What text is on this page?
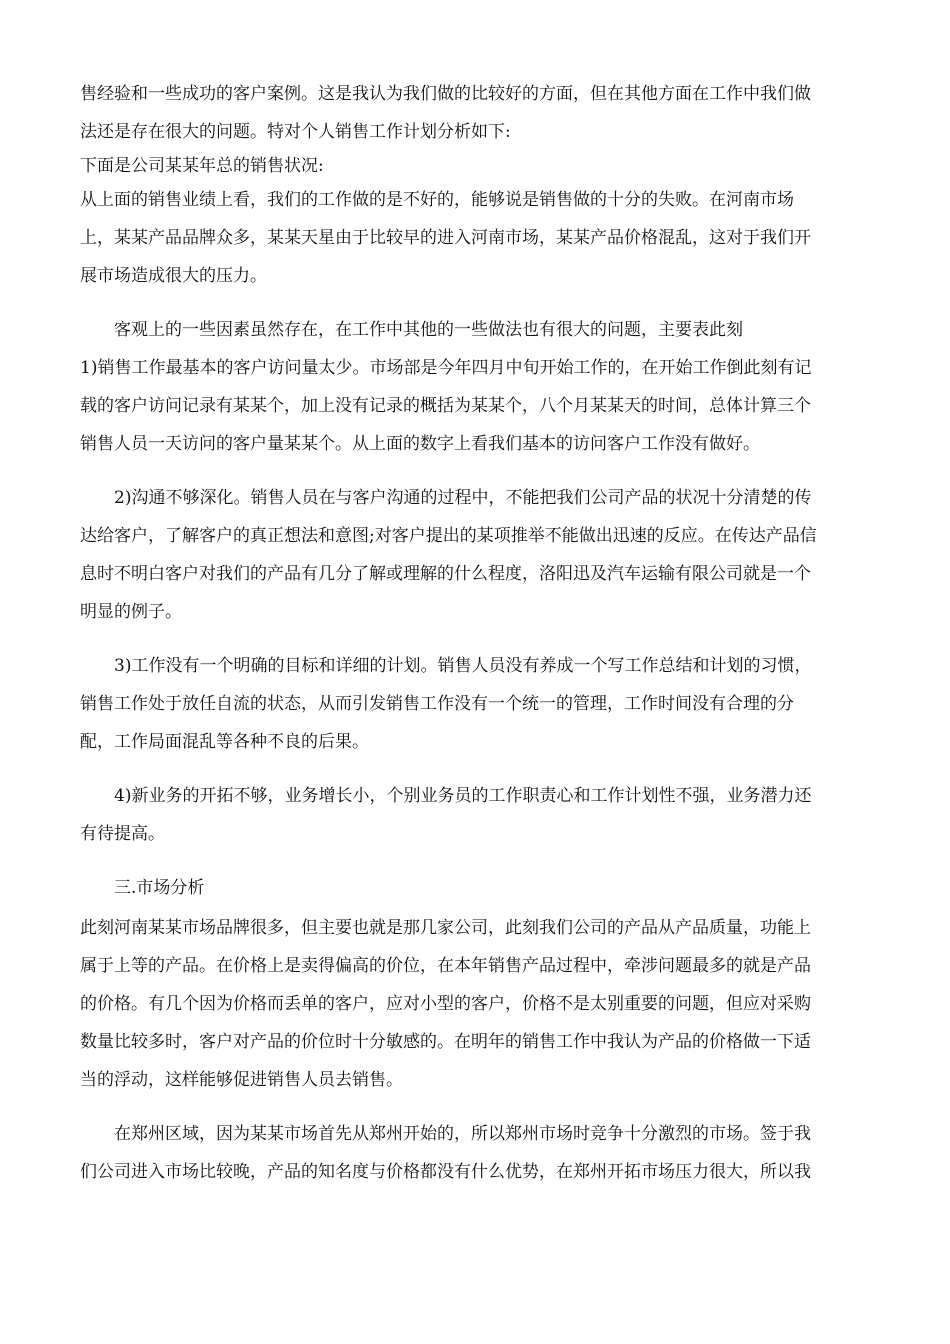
售经验和一些成功的客户案例。这是我认为我们做的比较好的方面，但在其他方面在工作中我们做
法还是存在很大的问题。特对个人销售工作计划分析如下:
下面是公司某某年总的销售状况:
从上面的销售业绩上看，我们的工作做的是不好的，能够说是销售做的十分的失败。在河南市场
上，某某产品品牌众多，某某天星由于比较早的进入河南市场，某某产品价格混乱，这对于我们开
展市场造成很大的压力。
客观上的一些因素虽然存在，在工作中其他的一些做法也有很大的问题，主要表此刻
1)销售工作最基本的客户访问量太少。市场部是今年四月中旬开始工作的，在开始工作倒此刻有记
载的客户访问记录有某某个，加上没有记录的概括为某某个，八个月某某天的时间，总体计算三个
销售人员一天访问的客户量某某个。从上面的数字上看我们基本的访问客户工作没有做好。
2)沟通不够深化。销售人员在与客户沟通的过程中，不能把我们公司产品的状况十分清楚的传
达给客户，了解客户的真正想法和意图;对客户提出的某项推举不能做出迅速的反应。在传达产品信
息时不明白客户对我们的产品有几分了解或理解的什么程度，洛阳迅及汽车运输有限公司就是一个
明显的例子。
3)工作没有一个明确的目标和详细的计划。销售人员没有养成一个写工作总结和计划的习惯，
销售工作处于放任自流的状态，从而引发销售工作没有一个统一的管理，工作时间没有合理的分
配，工作局面混乱等各种不良的后果。
4)新业务的开拓不够，业务增长小，个别业务员的工作职责心和工作计划性不强，业务潜力还
有待提高。
三.市场分析
此刻河南某某市场品牌很多，但主要也就是那几家公司，此刻我们公司的产品从产品质量，功能上
属于上等的产品。在价格上是卖得偏高的价位，在本年销售产品过程中，牵涉问题最多的就是产品
的价格。有几个因为价格而丢单的客户，应对小型的客户，价格不是太别重要的问题，但应对采购
数量比较多时，客户对产品的价位时十分敏感的。在明年的销售工作中我认为产品的价格做一下适
当的浮动，这样能够促进销售人员去销售。
在郑州区域，因为某某市场首先从郑州开始的，所以郑州市场时竞争十分激烈的市场。签于我
们公司进入市场比较晚，产品的知名度与价格都没有什么优势，在郑州开拓市场压力很大，所以我
